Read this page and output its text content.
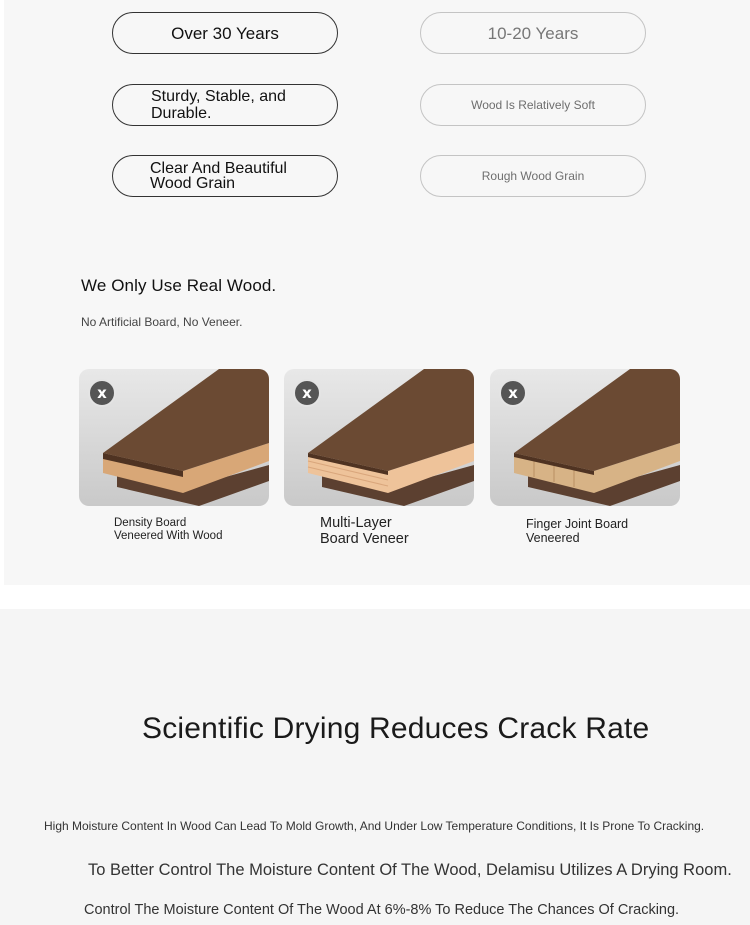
Over 30 Years	10-20 Years
Sturdy, Stable, and
Durable.	Wood Is Relatively Soft
Clear And Beautiful
Wood Grain	Rough Wood Grain
We Only Use Real Wood.
No Artificial Board, No Veneer.
x	x	x
Density Board
Veneered With Wood
Multi-Layer
Board Veneer
Finger Joint Board
Veneered
Scientific Drying Reduces Crack Rate
High Moisture Content In Wood Can Lead To Mold Growth, And Under Low Temperature Conditions, It Is Prone To Cracking.
To Better Control The Moisture Content Of The Wood, Delamisu Utilizes A Drying Room.
Control The Moisture Content Of The Wood At 6%-8% To Reduce The Chances Of Cracking.
